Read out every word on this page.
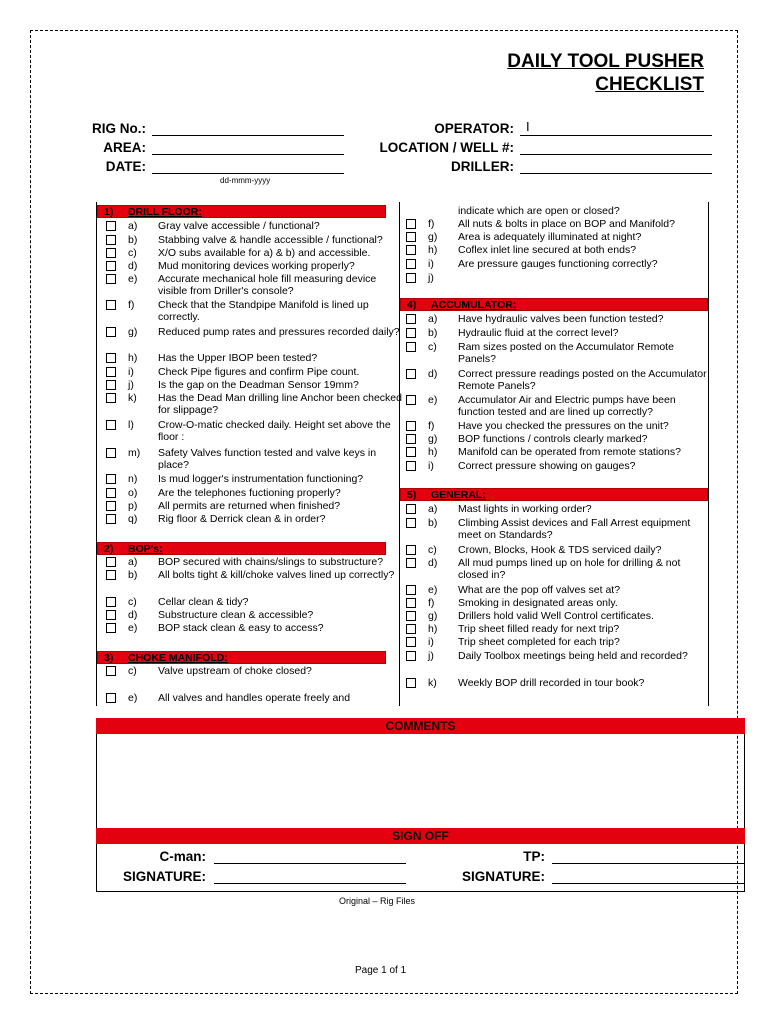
DAILY TOOL PUSHER
CHECKLIST
RIG No.:
AREA:
DATE:
dd-mmm-yyyy
OPERATOR: I
LOCATION / WELL #:
DRILLER:
1) DRILL FLOOR:
a) Gray valve accessible / functional?
b) Stabbing valve & handle accessible / functional?
c) X/O subs available for a) & b) and accessible.
d) Mud monitoring devices working properly?
e) Accurate mechanical hole fill measuring device visible from Driller's console?
f) Check that the Standpipe Manifold is lined up correctly.
g) Reduced pump rates and pressures recorded daily?
h) Has the Upper IBOP been tested?
i) Check Pipe figures and confirm Pipe count.
j) Is the gap on the Deadman Sensor 19mm?
k) Has the Dead Man drilling line Anchor been checked for slippage?
l) Crow-O-matic checked daily. Height set above the floor :
m) Safety Valves function tested and valve keys in place?
n) Is mud logger's instrumentation functioning?
o) Are the telephones fuctioning properly?
p) All permits are returned when finished?
q) Rig floor & Derrick clean & in order?
2) BOP's:
a) BOP secured with chains/slings to substructure?
b) All bolts tight & kill/choke valves lined up correctly?
c) Cellar clean & tidy?
d) Substructure clean & accessible?
e) BOP stack clean & easy to access?
3) CHOKE MANIFOLD:
c) Valve upstream of choke closed?
e) All valves and handles operate freely and
indicate which are open or closed?
f) All nuts & bolts in place on BOP and Manifold?
g) Area is adequately illuminated at night?
h) Coflex inlet line secured at both ends?
i) Are pressure gauges functioning correctly?
j)
4) ACCUMULATOR:
a) Have hydraulic valves been function tested?
b) Hydraulic fluid at the correct level?
c) Ram sizes posted on the Accumulator Remote Panels?
d) Correct pressure readings posted on the Accumulator Remote Panels?
e) Accumulator Air and Electric pumps have been function tested and are lined up correctly?
f) Have you checked the pressures on the unit?
g) BOP functions / controls clearly marked?
h) Manifold can be operated from remote stations?
i) Correct pressure showing on gauges?
5) GENERAL:
a) Mast lights in working order?
b) Climbing Assist devices and Fall Arrest equipment meet on Standards?
c) Crown, Blocks, Hook & TDS serviced daily?
d) All mud pumps lined up on hole for drilling & not closed in?
e) What are the pop off valves set at?
f) Smoking in designated areas only.
g) Drillers hold valid Well Control certificates.
h) Trip sheet filled ready for next trip?
i) Trip sheet completed for each trip?
j) Daily Toolbox meetings being held and recorded?
k) Weekly BOP drill recorded in tour book?
COMMENTS
SIGN OFF
C-man:
SIGNATURE:
TP:
SIGNATURE:
Original – Rig Files
Page 1 of 1
